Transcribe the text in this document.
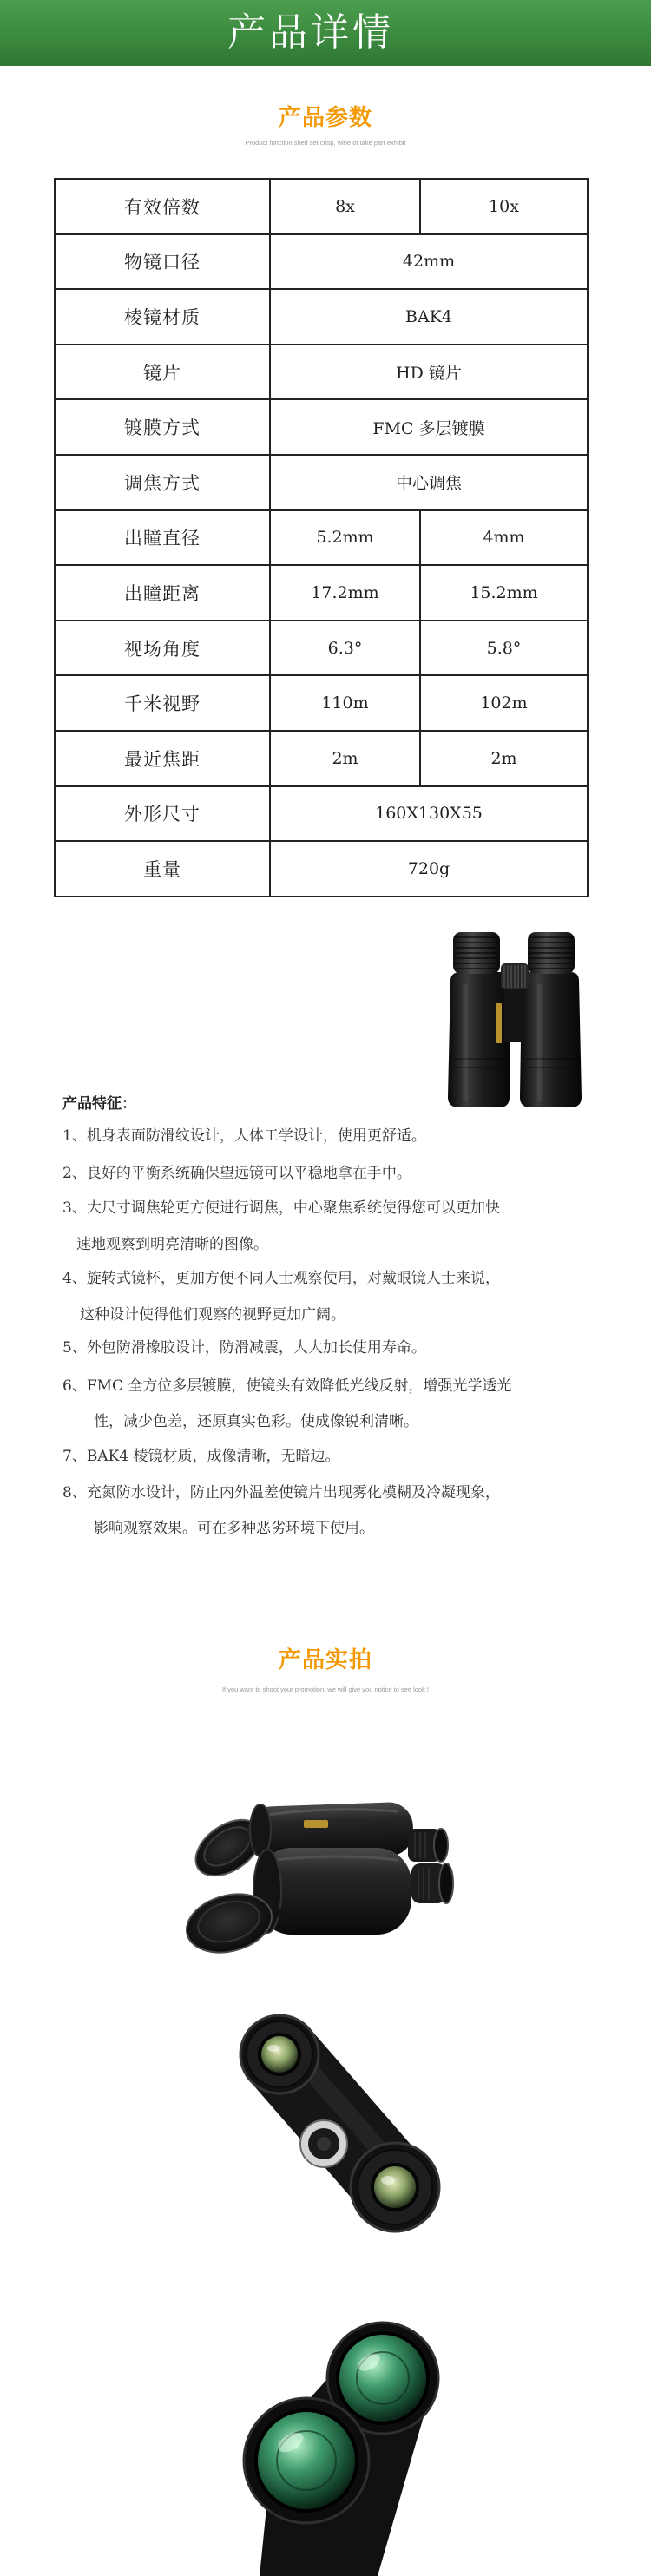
产品详情
产品参数
Product function shelf set crisp, wine of take part exhibit
有效倍数	8x	10x
物镜口径	42mm
棱镜材质	BAK4
镜片	HD 镜片
镀膜方式	FMC 多层镀膜
调焦方式	中心调焦
出瞳直径	5.2mm	4mm
出瞳距离	17.2mm	15.2mm
视场角度	6.3°	5.8°
千米视野	110m	102m
最近焦距	2m	2m
外形尺寸	160X130X55
重量	720g
产品特征：
1、机身表面防滑纹设计，人体工学设计，使用更舒适。
2、良好的平衡系统确保望远镜可以平稳地拿在手中。
3、大尺寸调焦轮更方便进行调焦，中心聚焦系统使得您可以更加快
速地观察到明亮清晰的图像。
4、旋转式镜杯，更加方便不同人士观察使用，对戴眼镜人士来说，
这种设计使得他们观察的视野更加广阔。
5、外包防滑橡胶设计，防滑减震，大大加长使用寿命。
6、FMC 全方位多层镀膜，使镜头有效降低光线反射，增强光学透光
性，减少色差，还原真实色彩。使成像锐利清晰。
7、BAK4 棱镜材质，成像清晰，无暗边。
8、充氮防水设计，防止内外温差使镜片出现雾化模糊及冷凝现象，
影响观察效果。可在多种恶劣环境下使用。
产品实拍
If you want to shoot your promotion, we will give you notice to see look !
